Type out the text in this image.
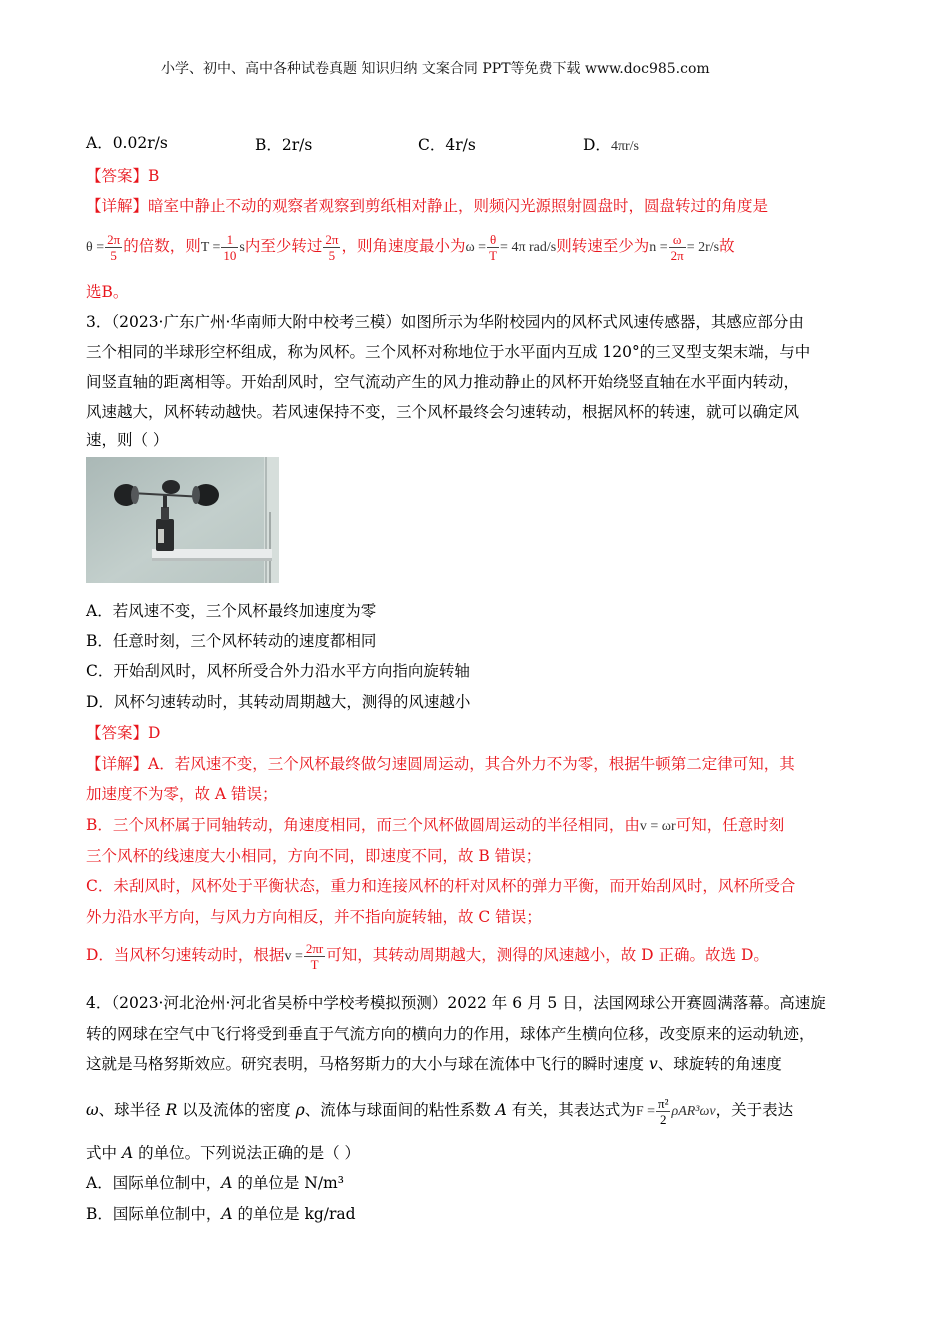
小学、初中、高中各种试卷真题 知识归纳 文案合同 PPT等免费下载 www.doc985.com
A．0.02r/s	B．2r/s	C．4r/s	D．4πr/s
【答案】B
【详解】暗室中静止不动的观察者观察到剪纸相对静止，则频闪光源照射圆盘时，圆盘转过的角度是
$\theta = \frac{2\pi}{5}$ 的倍数，则$T = \frac{1}{10}$ s内至少转过 $\frac{2\pi}{5}$ ，则角速度最小为$\omega = \frac{\theta}{T} = 4\pi$ rad/s则转速至少为$n = \frac{\omega}{2\pi} = 2r/s$故
选B。
3．（2023·广东广州·华南师大附中校考三模）如图所示为华附校园内的风杯式风速传感器，其感应部分由
三个相同的半球形空杯组成，称为风杯。三个风杯对称地位于水平面内互成 120°的三叉型支架末端，与中
间竖直轴的距离相等。开始刮风时，空气流动产生的风力推动静止的风杯开始绕竖直轴在水平面内转动，
风速越大，风杯转动越快。若风速保持不变，三个风杯最终会匀速转动，根据风杯的转速，就可以确定风
速，则（ ）
A．若风速不变，三个风杯最终加速度为零
B．任意时刻，三个风杯转动的速度都相同
C．开始刮风时，风杯所受合外力沿水平方向指向旋转轴
D．风杯匀速转动时，其转动周期越大，测得的风速越小
【答案】D
【详解】A．若风速不变，三个风杯最终做匀速圆周运动，其合外力不为零，根据牛顿第二定律可知，其
加速度不为零，故 A 错误；
B．三个风杯属于同轴转动，角速度相同，而三个风杯做圆周运动的半径相同，由v = ωr可知，任意时刻
三个风杯的线速度大小相同，方向不同，即速度不同，故 B 错误；
C．未刮风时，风杯处于平衡状态，重力和连接风杯的杆对风杯的弹力平衡，而开始刮风时，风杯所受合
外力沿水平方向，与风力方向相反，并不指向旋转轴，故 C 错误；
D．当风杯匀速转动时，根据$v = \frac{2\pi r}{T}$ 可知，其转动周期越大，测得的风速越小，故 D 正确。故选 D。
4．（2023·河北沧州·河北省吴桥中学校考模拟预测）2022 年 6 月 5 日，法国网球公开赛圆满落幕。高速旋
转的网球在空气中飞行将受到垂直于气流方向的横向力的作用，球体产生横向位移，改变原来的运动轨迹，
这就是马格努斯效应。研究表明，马格努斯力的大小与球在流体中飞行的瞬时速度 v、球旋转的角速度
ω、球半径 R 以及流体的密度 ρ、流体与球面间的粘性系数 A 有关，其表达式为$F = \frac{\text{π²}}{2} \rho AR^3\omega v$，关于表达
式中 A 的单位。下列说法正确的是（ ）
A．国际单位制中，A 的单位是 N/m³
B．国际单位制中，A 的单位是 kg/rad
